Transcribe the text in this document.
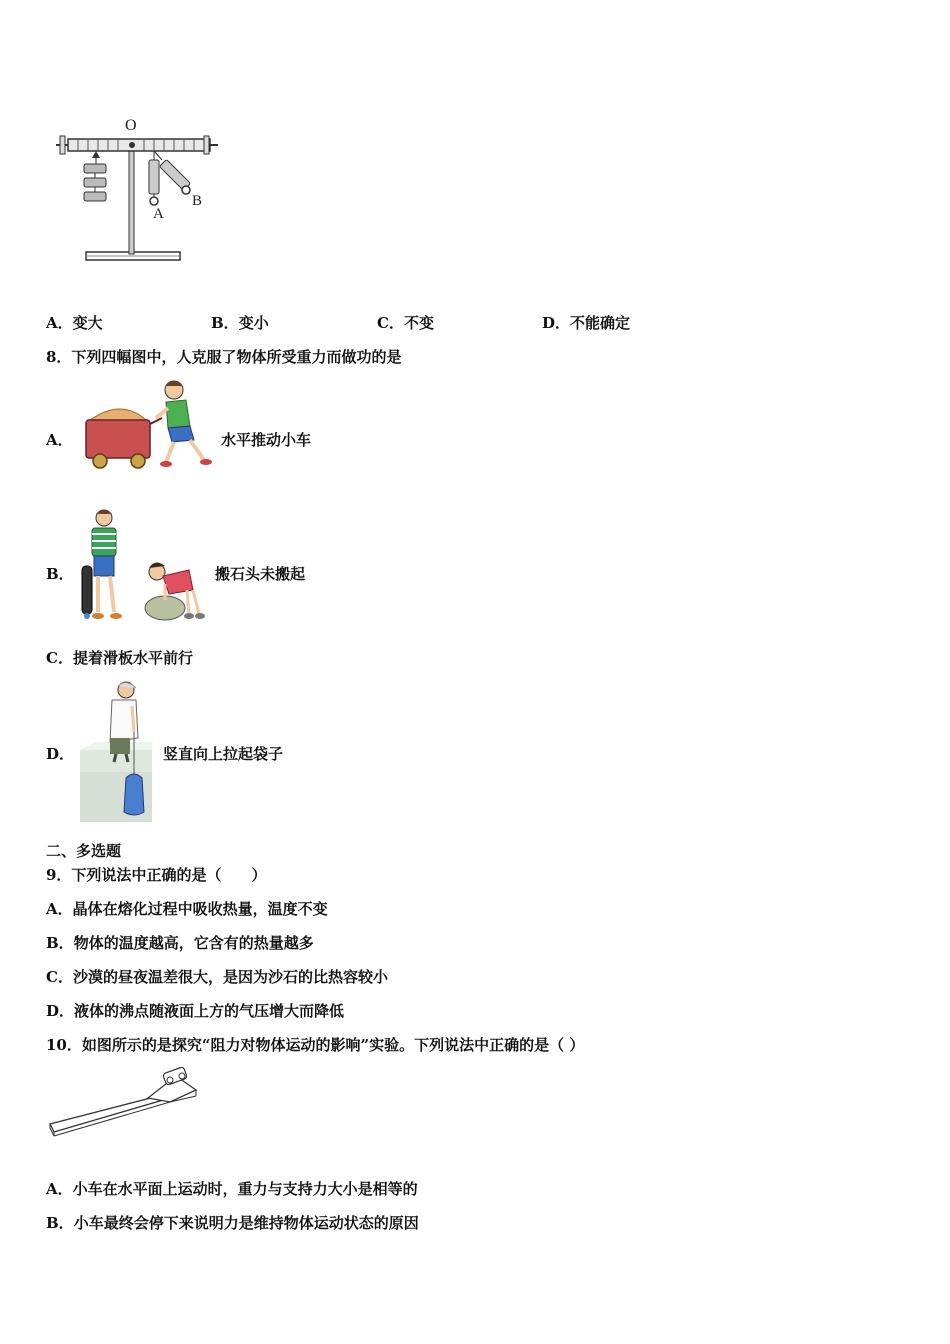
O
A
B
A．变大	B．变小	C．不变	D．不能确定
8．下列四幅图中，人克服了物体所受重力而做功的是
A．	水平推动小车
B．	搬石头未搬起
C．提着滑板水平前行
D．	竖直向上拉起袋子
二、多选题
9．下列说法中正确的是（　　）
A．晶体在熔化过程中吸收热量，温度不变
B．物体的温度越高，它含有的热量越多
C．沙漠的昼夜温差很大，是因为沙石的比热容较小
D．液体的沸点随液面上方的气压增大而降低
10．如图所示的是探究“阻力对物体运动的影响”实验。下列说法中正确的是（ ）
A．小车在水平面上运动时，重力与支持力大小是相等的
B．小车最终会停下来说明力是维持物体运动状态的原因
